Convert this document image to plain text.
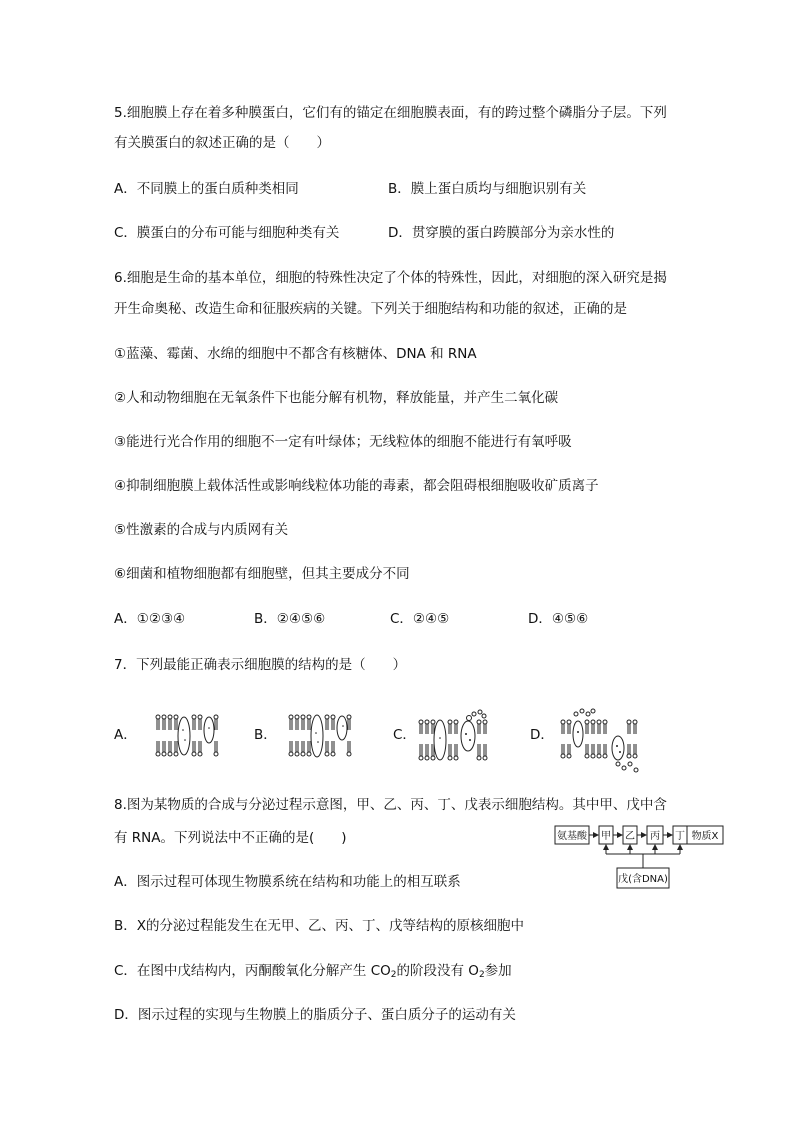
5.细胞膜上存在着多种膜蛋白，它们有的锚定在细胞膜表面，有的跨过整个磷脂分子层。下列
有关膜蛋白的叙述正确的是（　　）
A．不同膜上的蛋白质种类相同	B．膜上蛋白质均与细胞识别有关
C．膜蛋白的分布可能与细胞种类有关	D．贯穿膜的蛋白跨膜部分为亲水性的
6.细胞是生命的基本单位，细胞的特殊性决定了个体的特殊性，因此，对细胞的深入研究是揭
开生命奥秘、改造生命和征服疾病的关键。下列关于细胞结构和功能的叙述，正确的是
①蓝藻、霉菌、水绵的细胞中不都含有核糖体、DNA 和 RNA
②人和动物细胞在无氧条件下也能分解有机物，释放能量，并产生二氧化碳
③能进行光合作用的细胞不一定有叶绿体；无线粒体的细胞不能进行有氧呼吸
④抑制细胞膜上载体活性或影响线粒体功能的毒素，都会阻碍根细胞吸收矿质离子
⑤性激素的合成与内质网有关
⑥细菌和植物细胞都有细胞壁，但其主要成分不同
A．①②③④	B．②④⑤⑥	C．②④⑤	D．④⑤⑥
7．下列最能正确表示细胞膜的结构的是（　　）
A．	B．	C．	D．
8.图为某物质的合成与分泌过程示意图，甲、乙、丙、丁、戊表示细胞结构。其中甲、戊中含
有 RNA。下列说法中不正确的是(　　)	氨基酸 甲 乙 丙 丁 物质X
戊(含DNA)
A．图示过程可体现生物膜系统在结构和功能上的相互联系
B．X的分泌过程能发生在无甲、乙、丙、丁、戊等结构的原核细胞中
C．在图中戊结构内，丙酮酸氧化分解产生 $CO_2$的阶段没有 $O_2$参加
D．图示过程的实现与生物膜上的脂质分子、蛋白质分子的运动有关
